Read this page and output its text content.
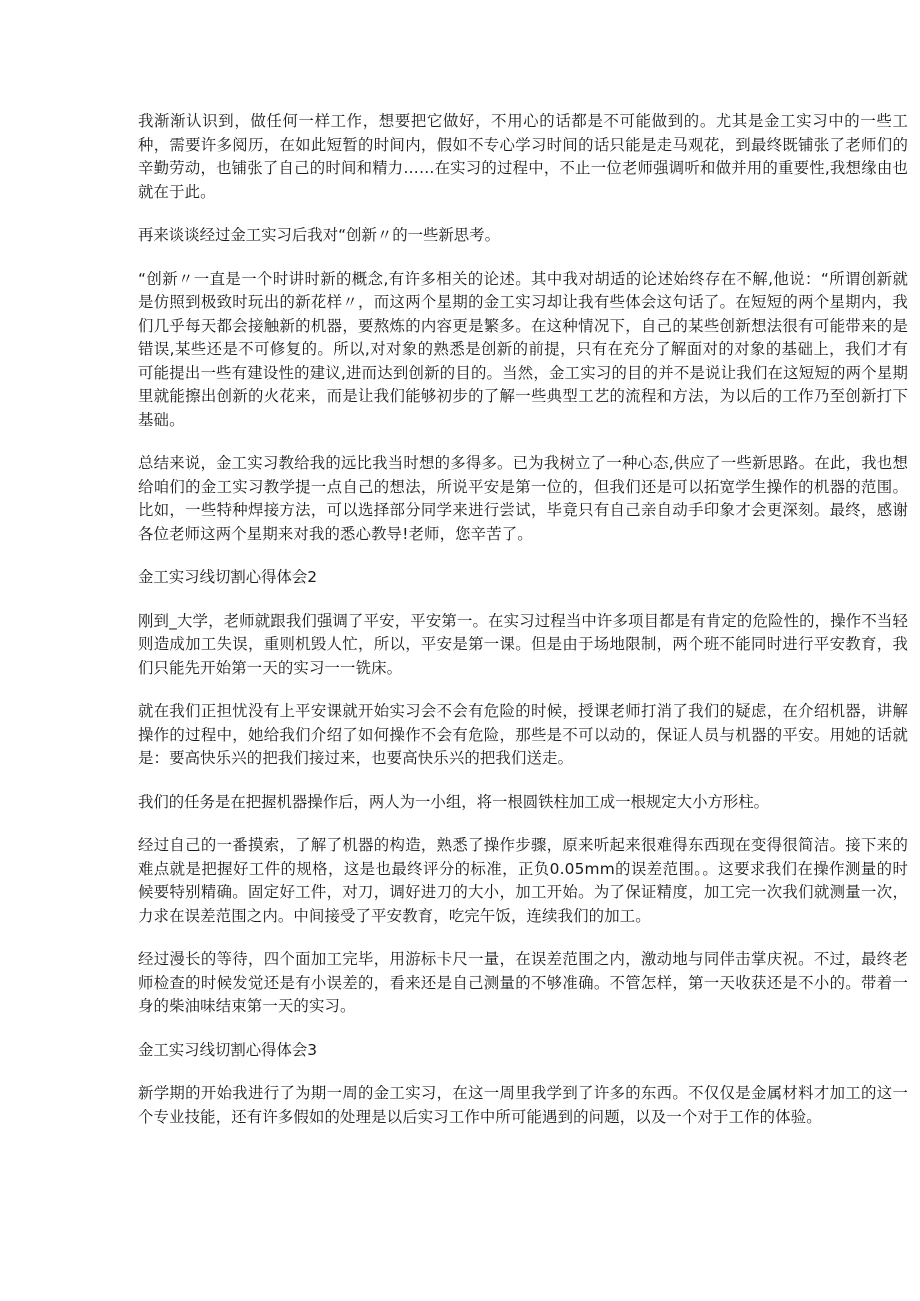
我渐渐认识到，做任何一样工作，想要把它做好，不用心的话都是不可能做到的。尤其是金工实习中的一些工种，需要许多阅历，在如此短暂的时间内，假如不专心学习时间的话只能是走马观花，到最终既铺张了老师们的辛勤劳动，也铺张了自己的时间和精力……在实习的过程中，不止一位老师强调听和做并用的重要性,我想缘由也就在于此。

再来谈谈经过金工实习后我对“创新〃的一些新思考。

“创新〃一直是一个时讲时新的概念,有许多相关的论述。其中我对胡适的论述始终存在不解,他说：“所谓创新就是仿照到极致时玩出的新花样〃，而这两个星期的金工实习却让我有些体会这句话了。在短短的两个星期内，我们几乎每天都会接触新的机器，要熬炼的内容更是繁多。在这种情况下，自己的某些创新想法很有可能带来的是错误,某些还是不可修复的。所以,对对象的熟悉是创新的前提，只有在充分了解面对的对象的基础上，我们才有可能提出一些有建设性的建议,进而达到创新的目的。当然，金工实习的目的并不是说让我们在这短短的两个星期里就能擦出创新的火花来，而是让我们能够初步的了解一些典型工艺的流程和方法，为以后的工作乃至创新打下基础。

总结来说，金工实习教给我的远比我当时想的多得多。已为我树立了一种心态,供应了一些新思路。在此，我也想给咱们的金工实习教学提一点自己的想法，所说平安是第一位的，但我们还是可以拓宽学生操作的机器的范围。比如，一些特种焊接方法，可以选择部分同学来进行尝试，毕竟只有自己亲自动手印象才会更深刻。最终，感谢各位老师这两个星期来对我的悉心教导!老师，您辛苦了。

金工实习线切割心得体会2

刚到_大学，老师就跟我们强调了平安，平安第一。在实习过程当中许多项目都是有肯定的危险性的，操作不当轻则造成加工失误，重则机毁人忙，所以，平安是第一课。但是由于场地限制，两个班不能同时进行平安教育，我们只能先开始第一天的实习一一铣床。

就在我们正担忧没有上平安课就开始实习会不会有危险的时候，授课老师打消了我们的疑虑，在介绍机器，讲解操作的过程中，她给我们介绍了如何操作不会有危险，那些是不可以动的，保证人员与机器的平安。用她的话就是：要高快乐兴的把我们接过来，也要高快乐兴的把我们送走。

我们的任务是在把握机器操作后，两人为一小组，将一根圆铁柱加工成一根规定大小方形柱。

经过自己的一番摸索，了解了机器的构造，熟悉了操作步骤，原来听起来很难得东西现在变得很简洁。接下来的难点就是把握好工件的规格，这是也最终评分的标准，正负0.05mm的误差范围。。这要求我们在操作测量的时候要特别精确。固定好工件，对刀，调好进刀的大小，加工开始。为了保证精度，加工完一次我们就测量一次，力求在误差范围之内。中间接受了平安教育，吃完午饭，连续我们的加工。

经过漫长的等待，四个面加工完毕，用游标卡尺一量，在误差范围之内，激动地与同伴击掌庆祝。不过，最终老师检查的时候发觉还是有小误差的，看来还是自己测量的不够准确。不管怎样，第一天收获还是不小的。带着一身的柴油味结束第一天的实习。

金工实习线切割心得体会3

新学期的开始我进行了为期一周的金工实习，在这一周里我学到了许多的东西。不仅仅是金属材料才加工的这一个专业技能，还有许多假如的处理是以后实习工作中所可能遇到的问题，以及一个对于工作的体验。
